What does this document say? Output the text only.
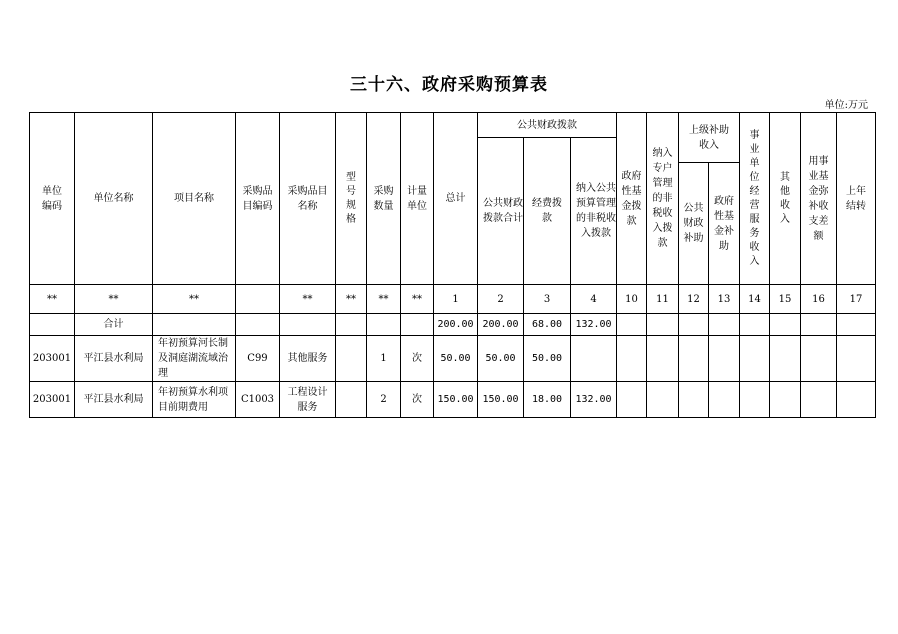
三十六、政府采购预算表
单位:万元
单位编码	单位名称	项目名称	采购品目编码	采购品目名称	型号规格	采购数量	计量单位	总计	公共财政拨款			政府性基金拨款	纳入专户管理的非税收入拨款	上级补助收入		事业单位经营服务收入	其他收入	用事业基金弥补收支差额	上年结转
									公共财政拨款合计	经费拨款	纳入公共预算管理的非税收入拨款								
														公共财政补助	政府性基金补助				
**	**	**		**	**	**	**	1	2	3	4	10	11	12	13	14	15	16	17
	合计							200.00	200.00	68.00	132.00								
203001	平江县水利局	年初预算河长制及洞庭湖流域治理	C99	其他服务		1	次	50.00	50.00	50.00									
203001	平江县水利局	年初预算水利项目前期费用	C1003	工程设计服务		2	次	150.00	150.00	18.00	132.00								
